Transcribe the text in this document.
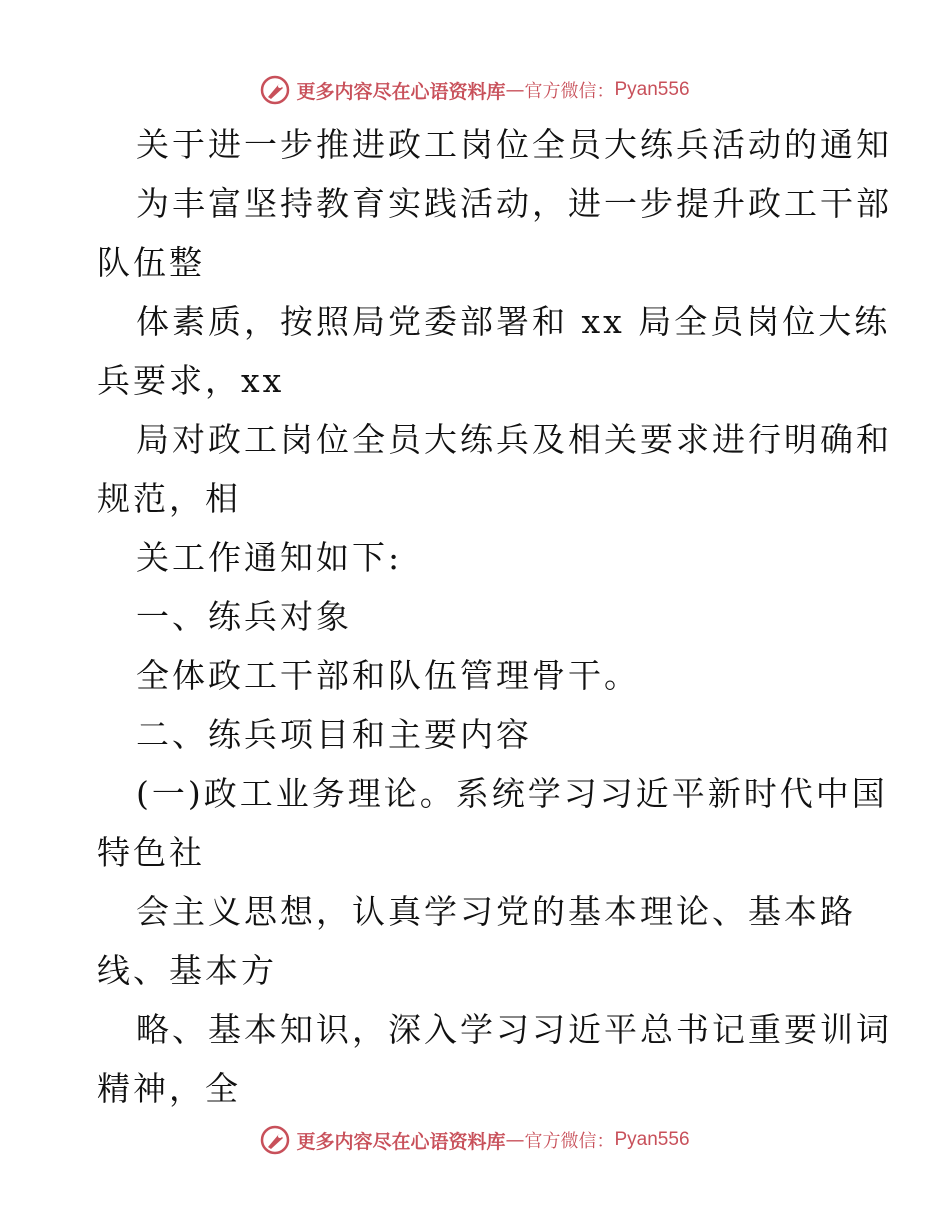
更多内容尽在心语资料库 — 官方微信： Pyan556
关于进一步推进政工岗位全员大练兵活动的通知
为丰富坚持教育实践活动，进一步提升政工干部
队伍整
体素质，按照局党委部署和 xx 局全员岗位大练
兵要求，xx
局对政工岗位全员大练兵及相关要求进行明确和
规范，相
关工作通知如下:
一、练兵对象
全体政工干部和队伍管理骨干。
二、练兵项目和主要内容
(一)政工业务理论。系统学习习近平新时代中国
特色社
会主义思想，认真学习党的基本理论、基本路
线、基本方
略、基本知识，深入学习习近平总书记重要训词
精神，全
更多内容尽在心语资料库 — 官方微信： Pyan556
